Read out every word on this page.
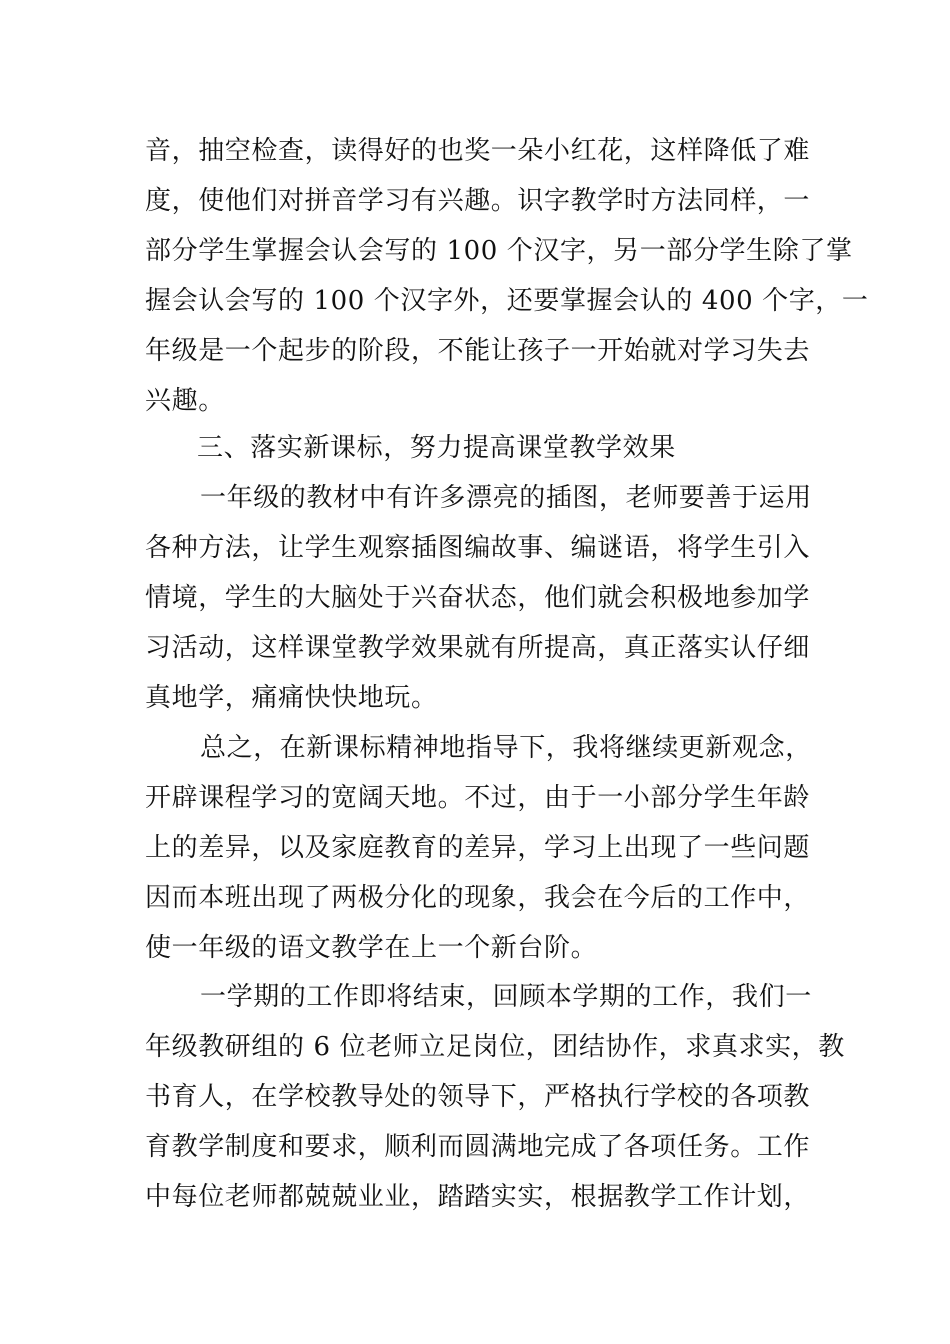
音，抽空检查，读得好的也奖一朵小红花，这样降低了难
度，使他们对拼音学习有兴趣。识字教学时方法同样，一
部分学生掌握会认会写的 100 个汉字，另一部分学生除了掌
握会认会写的 100 个汉字外，还要掌握会认的 400 个字，一
年级是一个起步的阶段，不能让孩子一开始就对学习失去
兴趣。
三、落实新课标，努力提高课堂教学效果
一年级的教材中有许多漂亮的插图，老师要善于运用
各种方法，让学生观察插图编故事、编谜语，将学生引入
情境，学生的大脑处于兴奋状态，他们就会积极地参加学
习活动，这样课堂教学效果就有所提高，真正落实认仔细
真地学，痛痛快快地玩。
总之，在新课标精神地指导下，我将继续更新观念，
开辟课程学习的宽阔天地。不过，由于一小部分学生年龄
上的差异，以及家庭教育的差异，学习上出现了一些问题
因而本班出现了两极分化的现象，我会在今后的工作中，
使一年级的语文教学在上一个新台阶。
一学期的工作即将结束，回顾本学期的工作，我们一
年级教研组的 6 位老师立足岗位，团结协作，求真求实，教
书育人，在学校教导处的领导下，严格执行学校的各项教
育教学制度和要求，顺利而圆满地完成了各项任务。工作
中每位老师都兢兢业业，踏踏实实，根据教学工作计划，
